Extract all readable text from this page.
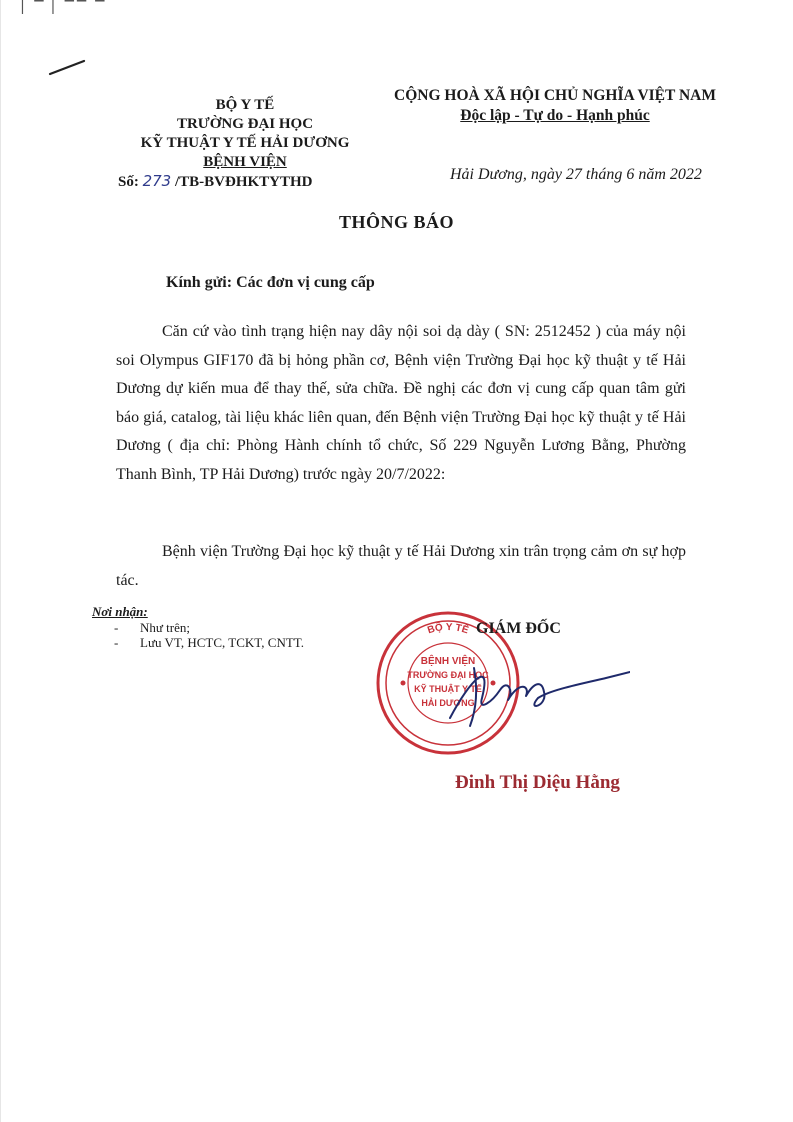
▏▔ ▏▔▔ ▔
BỘ Y TẾ
TRƯỜNG ĐẠI HỌC
KỸ THUẬT Y TẾ HẢI DƯƠNG
BỆNH VIỆN
Số: 273 /TB-BVĐHKTYTHD
CỘNG HOÀ XÃ HỘI CHỦ NGHĨA VIỆT NAM
Độc lập - Tự do - Hạnh phúc
Hải Dương, ngày 27 tháng 6 năm 2022
THÔNG BÁO
Kính gửi: Các đơn vị cung cấp

Căn cứ vào tình trạng hiện nay dây nội soi dạ dày ( SN: 2512452 ) của máy nội soi Olympus GIF170 đã bị hỏng phần cơ, Bệnh viện Trường Đại học kỹ thuật y tế Hải Dương dự kiến mua để thay thế, sửa chữa. Đề nghị các đơn vị cung cấp quan tâm gửi báo giá, catalog, tài liệu khác liên quan, đến Bệnh viện Trường Đại học kỹ thuật y tế Hải Dương ( địa chỉ: Phòng Hành chính tổ chức, Số 229 Nguyễn Lương Bằng, Phường Thanh Bình, TP Hải Dương) trước ngày 20/7/2022:

Bệnh viện Trường Đại học kỹ thuật y tế Hải Dương xin trân trọng cảm ơn sự hợp tác.

Nơi nhận:
- Như trên;
- Lưu VT, HCTC, TCKT, CNTT.
BỘ Y TẾ
BỆNH VIỆN
TRƯỜNG ĐẠI HỌC
KỸ THUẬT Y TẾ
HẢI DƯƠNG
GIÁM ĐỐC
Đinh Thị Diệu Hằng
